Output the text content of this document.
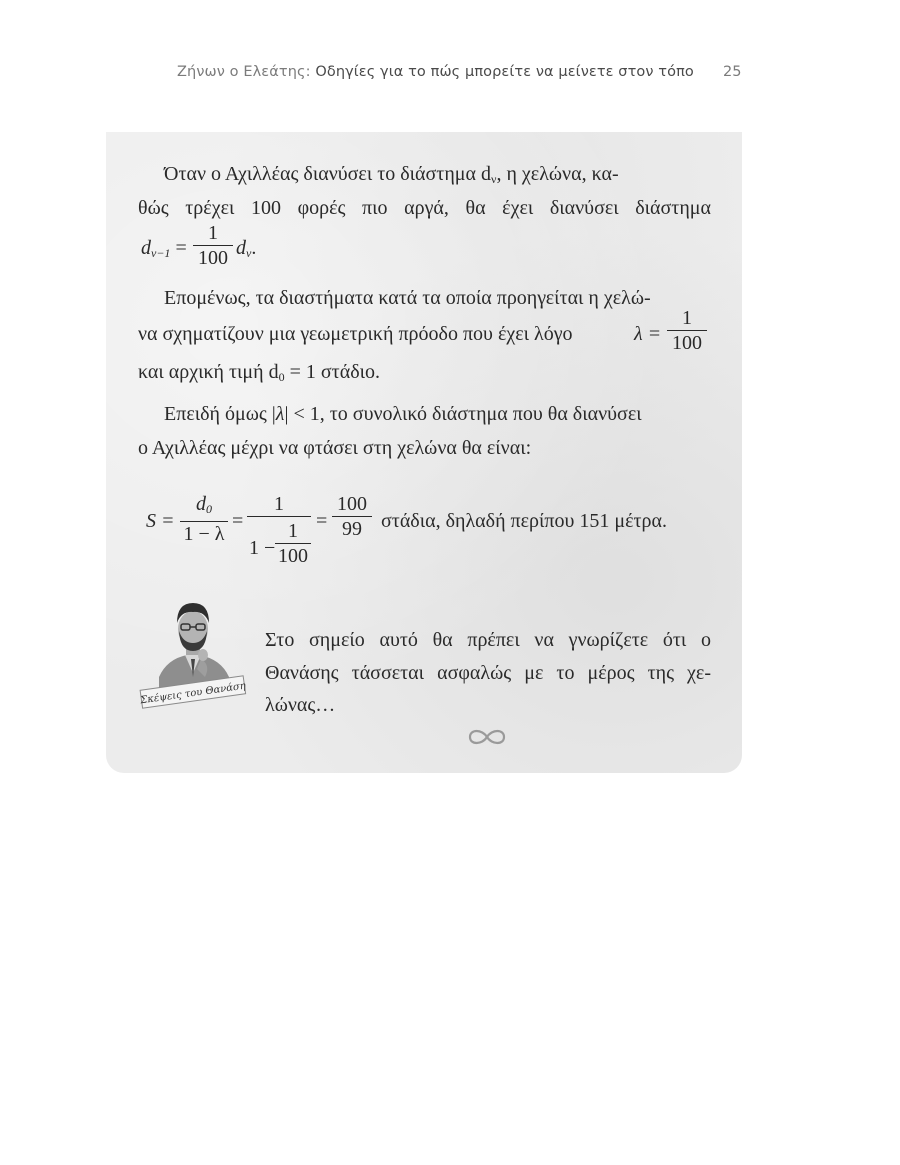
Ζήνων ο Ελεάτης: Οδηγίες για το πώς μπορείτε να μείνετε στον τόπο 25
Όταν ο Αχιλλέας διανύσει το διάστημα $d_\nu$, η χελώνα, κα-
θώς τρέχει 100 φορές πιο αργά, θα έχει διανύσει διάστημα
$d_{\nu-1}$ =
1
100 $d_\nu$.
Επομένως, τα διαστήματα κατά τα οποία προηγείται η χελώ-
να σχηματίζουν μια γεωμετρική πρόοδο που έχει λόγο	λ =
1
100
και αρχική τιμή $d_0 = 1$ στάδιο.
Επειδή όμως |λ| < 1, το συνολικό διάστημα που θα διανύσει
ο Αχιλλέας μέχρι να φτάσει στη χελώνα θα είναι:
S =
$d_0$
1 − λ
=
1
1 −
1
100
=
100
99 στάδια, δηλαδή περίπου 151 μέτρα.
Σκέψεις του Θανάση
Στο σημείο αυτό θα πρέπει να γνωρίζετε ότι ο
Θανάσης τάσσεται ασφαλώς με το μέρος της χε-
λώνας…
